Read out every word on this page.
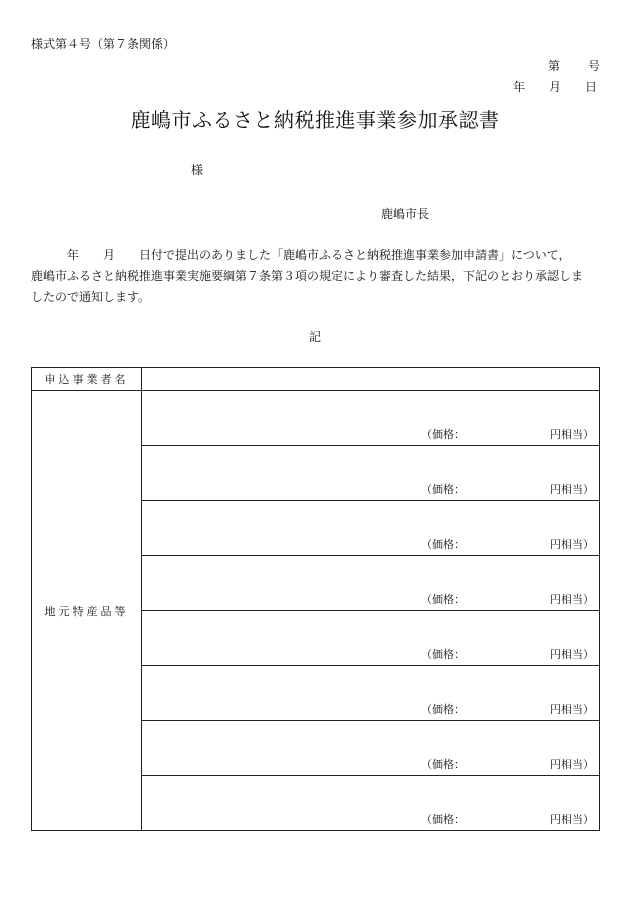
様式第４号（第７条関係）
第 号
年 月 日
鹿嶋市ふるさと納税推進事業参加承認書
様
鹿嶋市長
　　　年　　月　　日付で提出のありました「鹿嶋市ふるさと納税推進事業参加申請書」について，
鹿嶋市ふるさと納税推進事業実施要綱第７条第３項の規定により審査した結果，下記のとおり承認しま
したので通知します。
記
申込事業者名	
地元特産品等	（価格： 円相当）

	（価格： 円相当）

	（価格： 円相当）

	（価格： 円相当）

	（価格： 円相当）

	（価格： 円相当）

	（価格： 円相当）

	（価格： 円相当）
